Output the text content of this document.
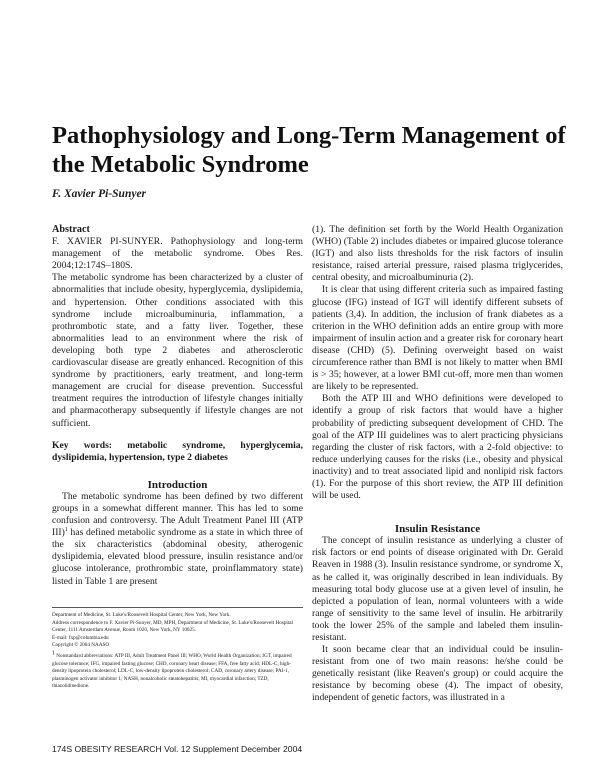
Pathophysiology and Long-Term Management of the Metabolic Syndrome

F. Xavier Pi-Sunyer

Abstract

F. XAVIER PI-SUNYER. Pathophysiology and long-term management of the metabolic syndrome. Obes Res. 2004;12:174S–180S.

The metabolic syndrome has been characterized by a cluster of abnormalities that include obesity, hyperglycemia, dyslipidemia, and hypertension. Other conditions associated with this syndrome include microalbuminuria, inflammation, a prothrombotic state, and a fatty liver. Together, these abnormalities lead to an environment where the risk of developing both type 2 diabetes and atherosclerotic cardiovascular disease are greatly enhanced. Recognition of this syndrome by practitioners, early treatment, and long-term management are crucial for disease prevention. Successful treatment requires the introduction of lifestyle changes initially and pharmacotherapy subsequently if lifestyle changes are not sufficient.

Key words: metabolic syndrome, hyperglycemia, dyslipidemia, hypertension, type 2 diabetes

Introduction

The metabolic syndrome has been defined by two different groups in a somewhat different manner. This has led to some confusion and controversy. The Adult Treatment Panel III (ATP III)$^1$ has defined metabolic syndrome as a state in which three of the six characteristics (abdominal obesity, atherogenic dyslipidemia, elevated blood pressure, insulin resistance and/or glucose intolerance, prothrombic state, proinflammatory state) listed in Table 1 are present

Department of Medicine, St. Luke's/Roosevelt Hospital Center, New York, New York.

Address correspondence to F. Xavier Pi-Sunyer, MD, MPH, Department of Medicine, St. Luke's/Roosevelt Hospital Center, 1111 Amsterdam Avenue, Room 1020, New York, NY 10025.

E-mail: fxp@columbia.edu

Copyright © 2004 NAASO

$^1$ Nonstandard abbreviations: ATP III, Adult Treatment Panel III; WHO, World Health Organization; IGT, impaired glucose tolerance; IFG, impaired fasting glucose; CHD, coronary heart disease; FFA, free fatty acid; HDL-C, high-density lipoprotein cholesterol; LDL-C, low-density lipoprotein cholesterol; CAD, coronary artery disease; PAI-1, plasminogen activator inhibitor 1; NASH, nonalcoholic steatohepatitis; MI, myocardial infarction; TZD, thiazolidinedione.

(1). The definition set forth by the World Health Organization (WHO) (Table 2) includes diabetes or impaired glucose tolerance (IGT) and also lists thresholds for the risk factors of insulin resistance, raised arterial pressure, raised plasma triglycerides, central obesity, and microalbuminuria (2).

It is clear that using different criteria such as impaired fasting glucose (IFG) instead of IGT will identify different subsets of patients (3,4). In addition, the inclusion of frank diabetes as a criterion in the WHO definition adds an entire group with more impairment of insulin action and a greater risk for coronary heart disease (CHD) (5). Defining overweight based on waist circumference rather than BMI is not likely to matter when BMI is > 35; however, at a lower BMI cut-off, more men than women are likely to be represented.

Both the ATP III and WHO definitions were developed to identify a group of risk factors that would have a higher probability of predicting subsequent development of CHD. The goal of the ATP III guidelines was to alert practicing physicians regarding the cluster of risk factors, with a 2-fold objective: to reduce underlying causes for the risks (i.e., obesity and physical inactivity) and to treat associated lipid and nonlipid risk factors (1). For the purpose of this short review, the ATP III definition will be used.

Insulin Resistance

The concept of insulin resistance as underlying a cluster of risk factors or end points of disease originated with Dr. Gerald Reaven in 1988 (3). Insulin resistance syndrome, or syndrome X, as he called it, was originally described in lean individuals. By measuring total body glucose use at a given level of insulin, he depicted a population of lean, normal volunteers with a wide range of sensitivity to the same level of insulin. He arbitrarily took the lower 25% of the sample and labeled them insulin-resistant.

It soon became clear that an individual could be insulin-resistant from one of two main reasons: he/she could be genetically resistant (like Reaven's group) or could acquire the resistance by becoming obese (4). The impact of obesity, independent of genetic factors, was illustrated in a

174S OBESITY RESEARCH Vol. 12 Supplement December 2004
